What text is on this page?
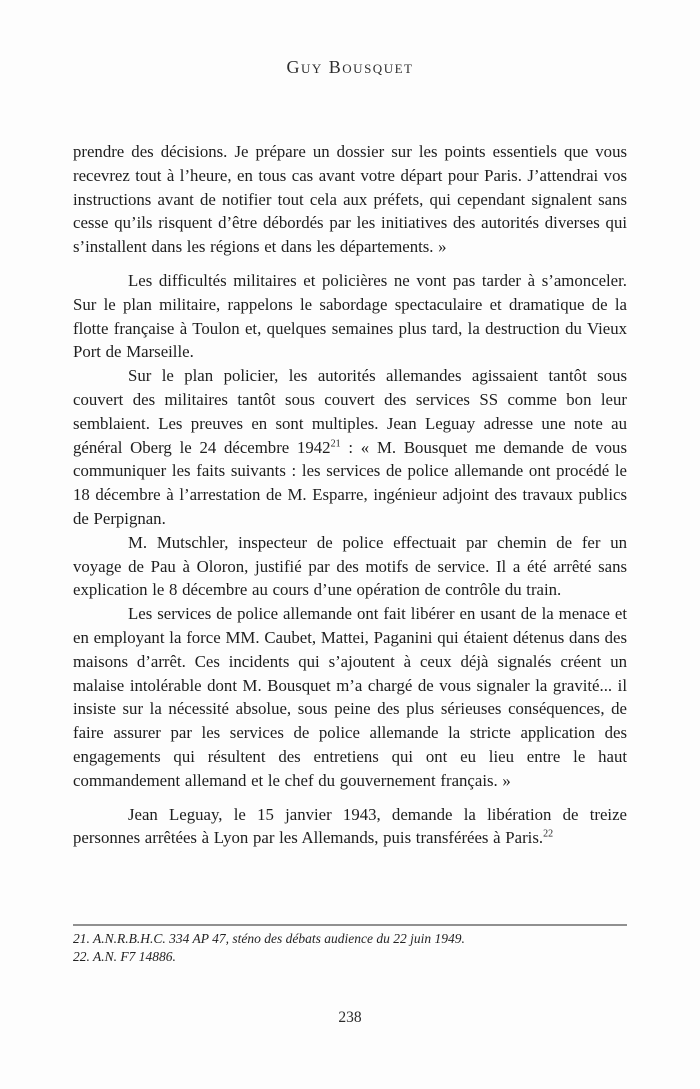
Guy Bousquet

prendre des décisions. Je prépare un dossier sur les points essentiels que vous recevrez tout à l’heure, en tous cas avant votre départ pour Paris. J’attendrai vos instructions avant de notifier tout cela aux préfets, qui cependant signalent sans cesse qu’ils risquent d’être débordés par les initiatives des autorités diverses qui s’installent dans les régions et dans les départements. »

Les difficultés militaires et policières ne vont pas tarder à s’amonceler. Sur le plan militaire, rappelons le sabordage spectaculaire et dramatique de la flotte française à Toulon et, quelques semaines plus tard, la destruction du Vieux Port de Marseille.

Sur le plan policier, les autorités allemandes agissaient tantôt sous couvert des militaires tantôt sous couvert des services SS comme bon leur semblaient. Les preuves en sont multiples. Jean Leguay adresse une note au général Oberg le 24 décembre 1942$^{21}$ : « M. Bousquet me demande de vous communiquer les faits suivants : les services de police allemande ont procédé le 18 décembre à l’arrestation de M. Esparre, ingénieur adjoint des travaux publics de Perpignan.

M. Mutschler, inspecteur de police effectuait par chemin de fer un voyage de Pau à Oloron, justifié par des motifs de service. Il a été arrêté sans explication le 8 décembre au cours d’une opération de contrôle du train.

Les services de police allemande ont fait libérer en usant de la menace et en employant la force MM. Caubet, Mattei, Paganini qui étaient détenus dans des maisons d’arrêt. Ces incidents qui s’ajoutent à ceux déjà signalés créent un malaise intolérable dont M. Bousquet m’a chargé de vous signaler la gravité... il insiste sur la nécessité absolue, sous peine des plus sérieuses conséquences, de faire assurer par les services de police allemande la stricte application des engagements qui résultent des entretiens qui ont eu lieu entre le haut commandement allemand et le chef du gouvernement français. »

Jean Leguay, le 15 janvier 1943, demande la libération de treize personnes arrêtées à Lyon par les Allemands, puis transférées à Paris.$^{22}$

21. A.N.R.B.H.C. 334 AP 47, sténo des débats audience du 22 juin 1949.

22. A.N. F7 14886.

238
